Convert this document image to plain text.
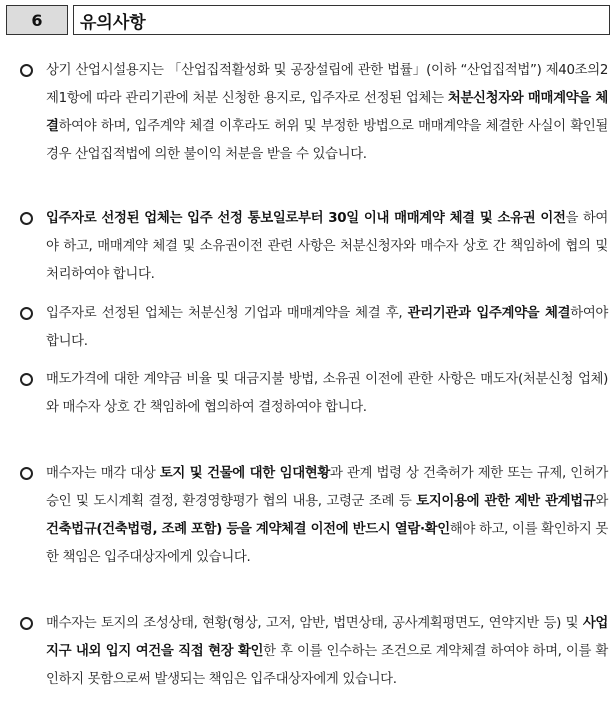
6	유의사항
상기 산업시설용지는 「산업집적활성화 및 공장설립에 관한 법률」(이하 “산업집적법”) 제40조의2 제1항에 따라 관리기관에 처분 신청한 용지로, 입주자로 선정된 업체는 처분신청자와 매매계약을 체결하여야 하며, 입주계약 체결 이후라도 허위 및 부정한 방법으로 매매계약을 체결한 사실이 확인될 경우 산업집적법에 의한 불이익 처분을 받을 수 있습니다.
입주자로 선정된 업체는 입주 선정 통보일로부터 30일 이내 매매계약 체결 및 소유권 이전을 하여야 하고, 매매계약 체결 및 소유권이전 관련 사항은 처분신청자와 매수자 상호 간 책임하에 협의 및 처리하여야 합니다.
입주자로 선정된 업체는 처분신청 기업과 매매계약을 체결 후, 관리기관과 입주계약을 체결하여야 합니다.
매도가격에 대한 계약금 비율 및 대금지불 방법, 소유권 이전에 관한 사항은 매도자(처분신청 업체)와 매수자 상호 간 책임하에 협의하여 결정하여야 합니다.
매수자는 매각 대상 토지 및 건물에 대한 임대현황과 관계 법령 상 건축허가 제한 또는 규제, 인허가 승인 및 도시계획 결정, 환경영향평가 협의 내용, 고령군 조례 등 토지이용에 관한 제반 관계법규와 건축법규(건축법령, 조례 포함) 등을 계약체결 이전에 반드시 열람·확인해야 하고, 이를 확인하지 못한 책임은 입주대상자에게 있습니다.
매수자는 토지의 조성상태, 현황(형상, 고저, 암반, 법면상태, 공사계획평면도, 연약지반 등) 및 사업지구 내외 입지 여건을 직접 현장 확인한 후 이를 인수하는 조건으로 계약체결 하여야 하며, 이를 확인하지 못함으로써 발생되는 책임은 입주대상자에게 있습니다.
